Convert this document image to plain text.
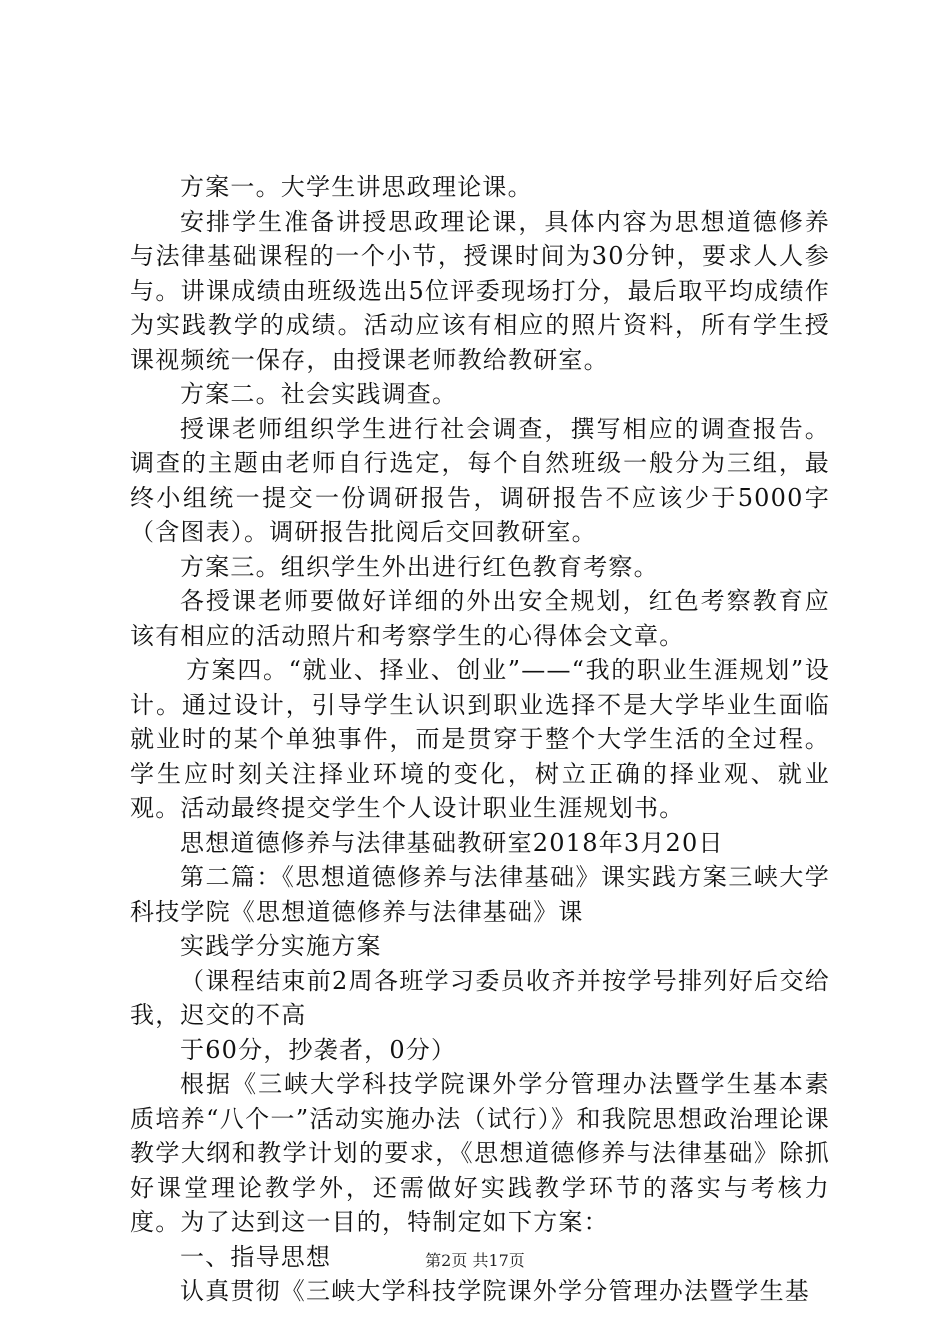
方案一。大学生讲思政理论课。

安排学生准备讲授思政理论课，具体内容为思想道德修养与法律基础课程的一个小节，授课时间为30分钟，要求人人参与。讲课成绩由班级选出5位评委现场打分，最后取平均成绩作为实践教学的成绩。活动应该有相应的照片资料，所有学生授课视频统一保存，由授课老师教给教研室。

方案二。社会实践调查。

授课老师组织学生进行社会调查，撰写相应的调查报告。调查的主题由老师自行选定，每个自然班级一般分为三组，最终小组统一提交一份调研报告，调研报告不应该少于5000字（含图表）。调研报告批阅后交回教研室。

方案三。组织学生外出进行红色教育考察。

各授课老师要做好详细的外出安全规划，红色考察教育应该有相应的活动照片和考察学生的心得体会文章。

方案四。“就业、择业、创业”——“我的职业生涯规划”设计。通过设计，引导学生认识到职业选择不是大学毕业生面临就业时的某个单独事件，而是贯穿于整个大学生活的全过程。学生应时刻关注择业环境的变化，树立正确的择业观、就业观。活动最终提交学生个人设计职业生涯规划书。

思想道德修养与法律基础教研室2018年3月20日

第二篇：《思想道德修养与法律基础》课实践方案三峡大学科技学院《思想道德修养与法律基础》课

实践学分实施方案

（课程结束前2周各班学习委员收齐并按学号排列好后交给我，迟交的不高

于60分，抄袭者，0分）

根据《三峡大学科技学院课外学分管理办法暨学生基本素质培养“八个一”活动实施办法（试行）》和我院思想政治理论课教学大纲和教学计划的要求，《思想道德修养与法律基础》除抓好课堂理论教学外，还需做好实践教学环节的落实与考核力度。为了达到这一目的，特制定如下方案：

一、指导思想

认真贯彻《三峡大学科技学院课外学分管理办法暨学生基

第2页 共17页
